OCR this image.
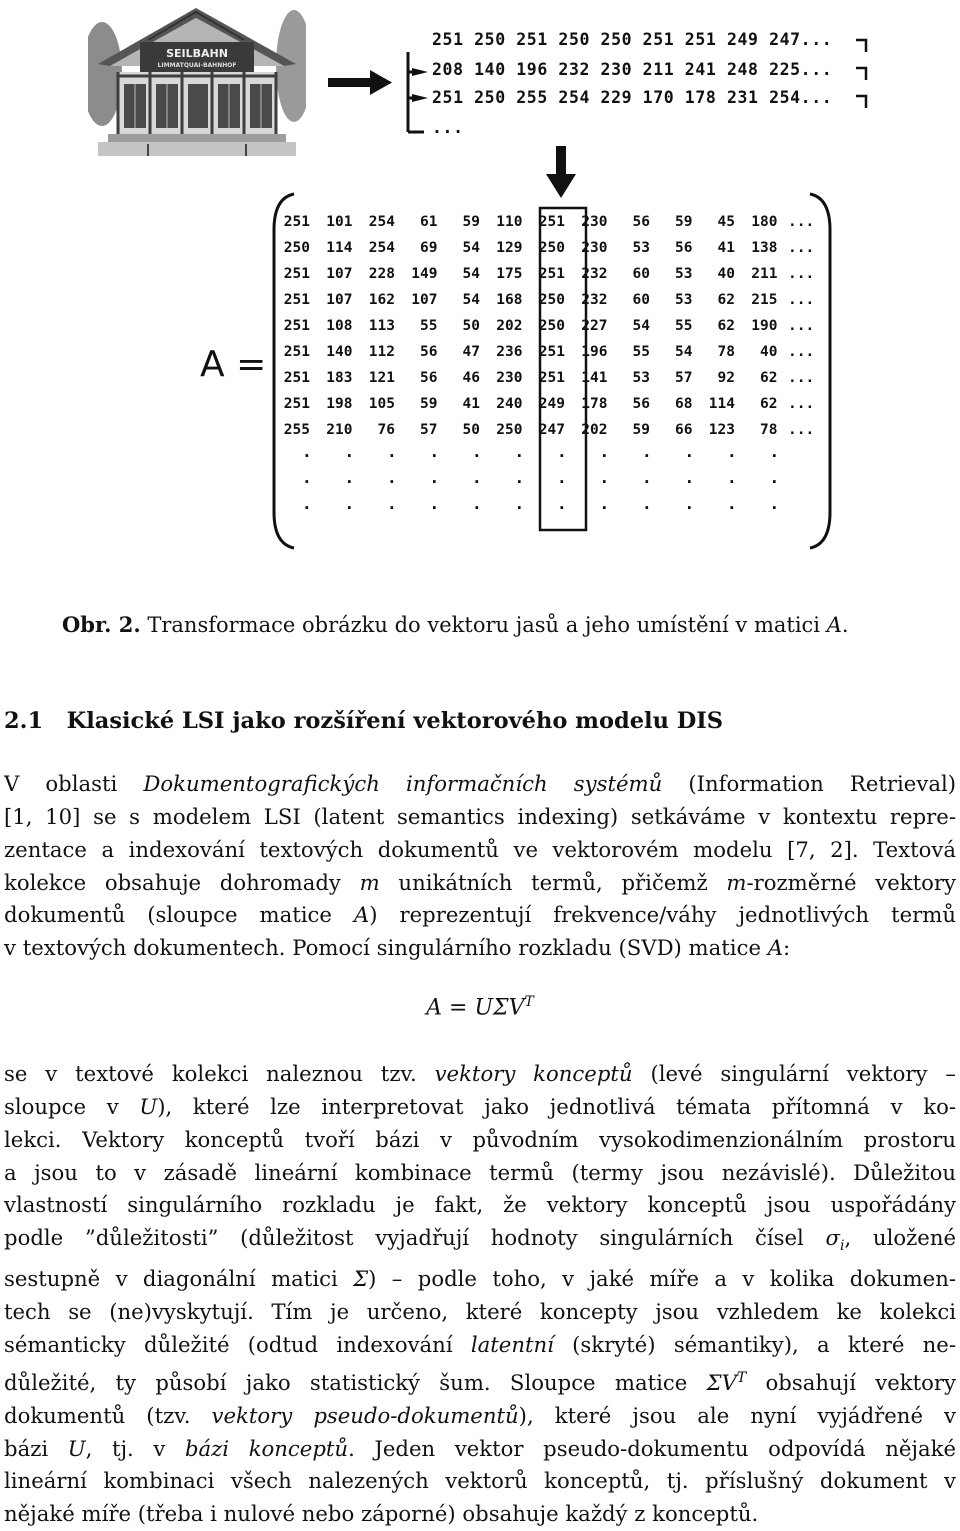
SEILBAHN
LIMMATQUAI-BAHNHOF
251 250 251 250 250 251 251 249 247...
208 140 196 232 230 211 241 248 225...
251 250 255 254 229 170 178 231 254...
...
A =
251	101	254	61	59	110	251	230	56	59	45	180 ...
250	114	254	69	54	129	250	230	53	56	41	138 ...
251	107	228	149	54	175	251	232	60	53	40	211 ...
251	107	162	107	54	168	250	232	60	53	62	215 ...
251	108	113	55	50	202	250	227	54	55	62	190 ...
251	140	112	56	47	236	251	196	55	54	78	40 ...
251	183	121	56	46	230	251	141	53	57	92	62 ...
251	198	105	59	41	240	249	178	56	68	114	62 ...
255	210	76	57	50	250	247	202	59	66	123	78 ...
. . . . . . . . . . . .
. . . . . . . . . . . .
. . . . . . . . . . . .
Obr. 2. Transformace obrázku do vektoru jasů a jeho umístění v matici A.
2.1 Klasické LSI jako rozšíření vektorového modelu DIS
V oblasti Dokumentografických informačních systémů (Information Retrieval)
[1, 10] se s modelem LSI (latent semantics indexing) setkáváme v kontextu repre-
zentace a indexování textových dokumentů ve vektorovém modelu [7, 2]. Textová
kolekce obsahuje dohromady m unikátních termů, přičemž m-rozměrné vektory
dokumentů (sloupce matice A) reprezentují frekvence/váhy jednotlivých termů
v textových dokumentech. Pomocí singulárního rozkladu (SVD) matice A:
$A = U\Sigma V^T$
se v textové kolekci naleznou tzv. vektory konceptů (levé singulární vektory –
sloupce v U), které lze interpretovat jako jednotlivá témata přítomná v ko-
lekci. Vektory konceptů tvoří bázi v původním vysokodimenzionálním prostoru
a jsou to v zásadě lineární kombinace termů (termy jsou nezávislé). Důležitou
vlastností singulárního rozkladu je fakt, že vektory konceptů jsou uspořádány
podle ”důležitosti” (důležitost vyjadřují hodnoty singulárních čísel $\sigma_i$, uložené
sestupně v diagonální matici Σ) – podle toho, v jaké míře a v kolika dokumen-
tech se (ne)vyskytují. Tím je určeno, které koncepty jsou vzhledem ke kolekci
sémanticky důležité (odtud indexování latentní (skryté) sémantiky), a které ne-
důležité, ty působí jako statistický šum. Sloupce matice $\Sigma V^T$ obsahují vektory
dokumentů (tzv. vektory pseudo-dokumentů), které jsou ale nyní vyjádřené v
bázi U, tj. v bázi konceptů. Jeden vektor pseudo-dokumentu odpovídá nějaké
lineární kombinaci všech nalezených vektorů konceptů, tj. příslušný dokument v
nějaké míře (třeba i nulové nebo záporné) obsahuje každý z konceptů.
